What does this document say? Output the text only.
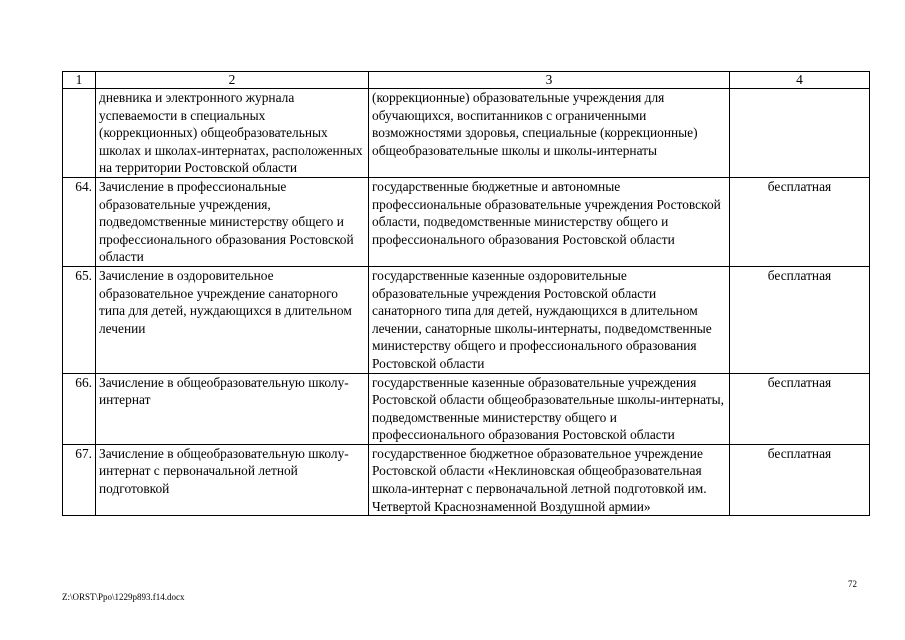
1	2	3	4
	дневника и электронного журнала успеваемости в специальных (коррекционных) общеобразовательных школах и школах-интернатах, расположенных на территории Ростовской области	(коррекционные) образовательные учреждения для обучающихся, воспитанников с ограниченными возможностями здоровья, специальные (коррекционные) общеобразовательные школы и школы-интернаты	
64.	Зачисление в профессиональные образовательные учреждения, подведомственные министерству общего и профессионального образования Ростовской области	государственные бюджетные и автономные профессиональные образовательные учреждения Ростовской области, подведомственные министерству общего и профессионального образования Ростовской области	бесплатная
65.	Зачисление в оздоровительное образовательное учреждение санаторного типа для детей, нуждающихся в длительном лечении	государственные казенные оздоровительные образовательные учреждения Ростовской области санаторного типа для детей, нуждающихся в длительном лечении, санаторные школы-интернаты, подведомственные министерству общего и профессионального образования Ростовской области	бесплатная
66.	Зачисление в общеобразовательную школу-интернат	государственные казенные образовательные учреждения Ростовской области общеобразовательные школы-интернаты, подведомственные министерству общего и профессионального образования Ростовской области	бесплатная
67.	Зачисление в общеобразовательную школу-интернат с первоначальной летной подготовкой	государственное бюджетное образовательное учреждение Ростовской области «Неклиновская общеобразовательная школа-интернат с первоначальной летной подготовкой им. Четвертой Краснознаменной Воздушной армии»	бесплатная
72
Z:\ORST\Ppo\1229p893.f14.docx
